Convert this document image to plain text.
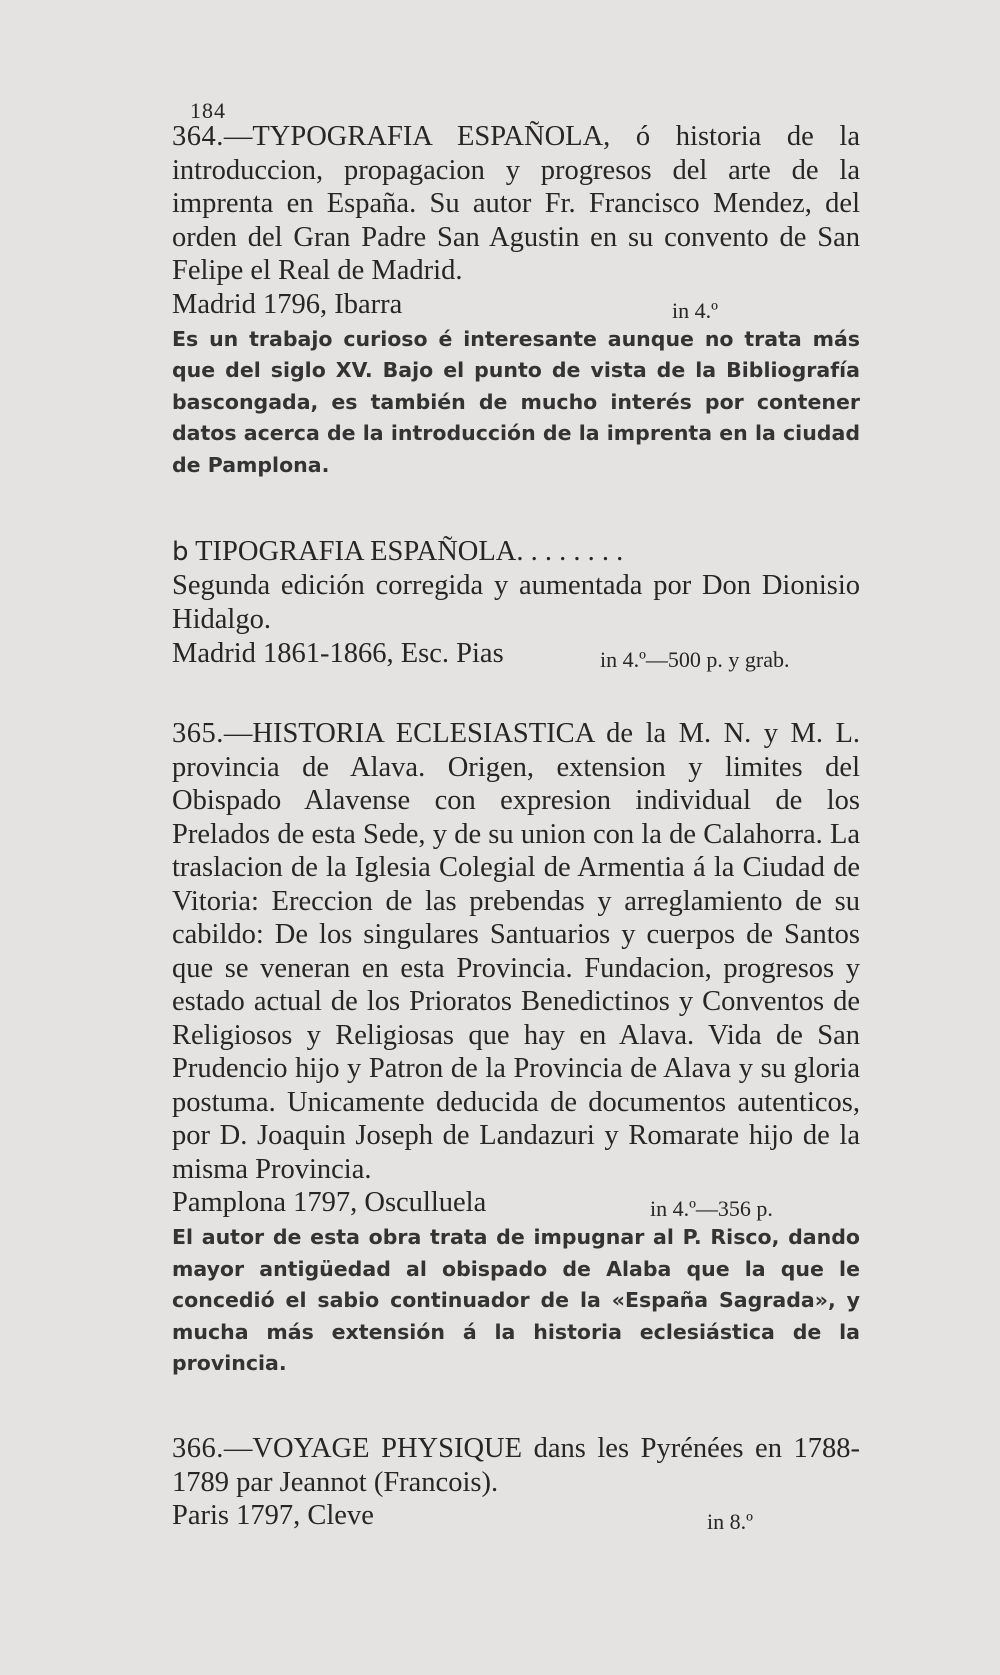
184

364.—TYPOGRAFIA ESPAÑOLA, ó historia de la introduccion, propagacion y progresos del arte de la imprenta en España. Su autor Fr. Francisco Mendez, del orden del Gran Padre San Agustin en su convento de San Felipe el Real de Madrid.

Madrid 1796, Ibarra	in 4.º

Es un trabajo curioso é interesante aunque no trata más que del siglo XV. Bajo el punto de vista de la Bibliografía bascongada, es también de mucho interés por contener datos acerca de la introducción de la imprenta en la ciudad de Pamplona.

b TIPOGRAFIA ESPAÑOLA. . . . . . . .

Segunda edición corregida y aumentada por Don Dionisio Hidalgo.

Madrid 1861-1866, Esc. Pias	in 4.º—500 p. y grab.

365.—HISTORIA ECLESIASTICA de la M. N. y M. L. provincia de Alava. Origen, extension y limites del Obispado Alavense con expresion individual de los Prelados de esta Sede, y de su union con la de Calahorra. La traslacion de la Iglesia Colegial de Armentia á la Ciudad de Vitoria: Ereccion de las prebendas y arreglamiento de su cabildo: De los singulares Santuarios y cuerpos de Santos que se veneran en esta Provincia. Fundacion, progresos y estado actual de los Prioratos Benedictinos y Conventos de Religiosos y Religiosas que hay en Alava. Vida de San Prudencio hijo y Patron de la Provincia de Alava y su gloria postuma. Unicamente deducida de documentos autenticos, por D. Joaquin Joseph de Landazuri y Romarate hijo de la misma Provincia.

Pamplona 1797, Osculluela	in 4.º—356 p.

El autor de esta obra trata de impugnar al P. Risco, dando mayor antigüedad al obispado de Alaba que la que le concedió el sabio continuador de la «España Sagrada», y mucha más extensión á la historia eclesiástica de la provincia.

366.—VOYAGE PHYSIQUE dans les Pyrénées en 1788-1789 par Jeannot (Francois).

Paris 1797, Cleve	in 8.º
